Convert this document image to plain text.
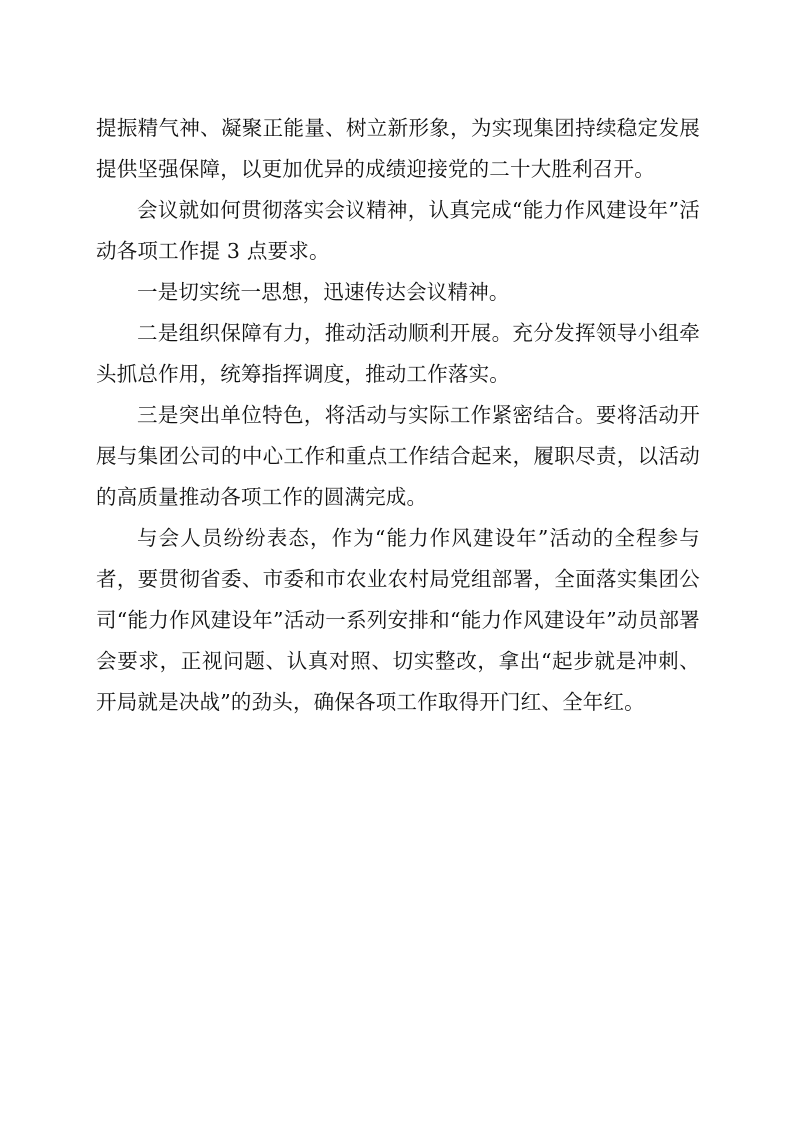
提振精气神、凝聚正能量、树立新形象，为实现集团持续稳定发展提供坚强保障，以更加优异的成绩迎接党的二十大胜利召开。

会议就如何贯彻落实会议精神，认真完成“能力作风建设年”活动各项工作提 3 点要求。

一是切实统一思想，迅速传达会议精神。

二是组织保障有力，推动活动顺利开展。充分发挥领导小组牵头抓总作用，统筹指挥调度，推动工作落实。

三是突出单位特色，将活动与实际工作紧密结合。要将活动开展与集团公司的中心工作和重点工作结合起来，履职尽责，以活动的高质量推动各项工作的圆满完成。

与会人员纷纷表态，作为“能力作风建设年”活动的全程参与者，要贯彻省委、市委和市农业农村局党组部署，全面落实集团公司“能力作风建设年”活动一系列安排和“能力作风建设年”动员部署会要求，正视问题、认真对照、切实整改，拿出“起步就是冲刺、开局就是决战”的劲头，确保各项工作取得开门红、全年红。
